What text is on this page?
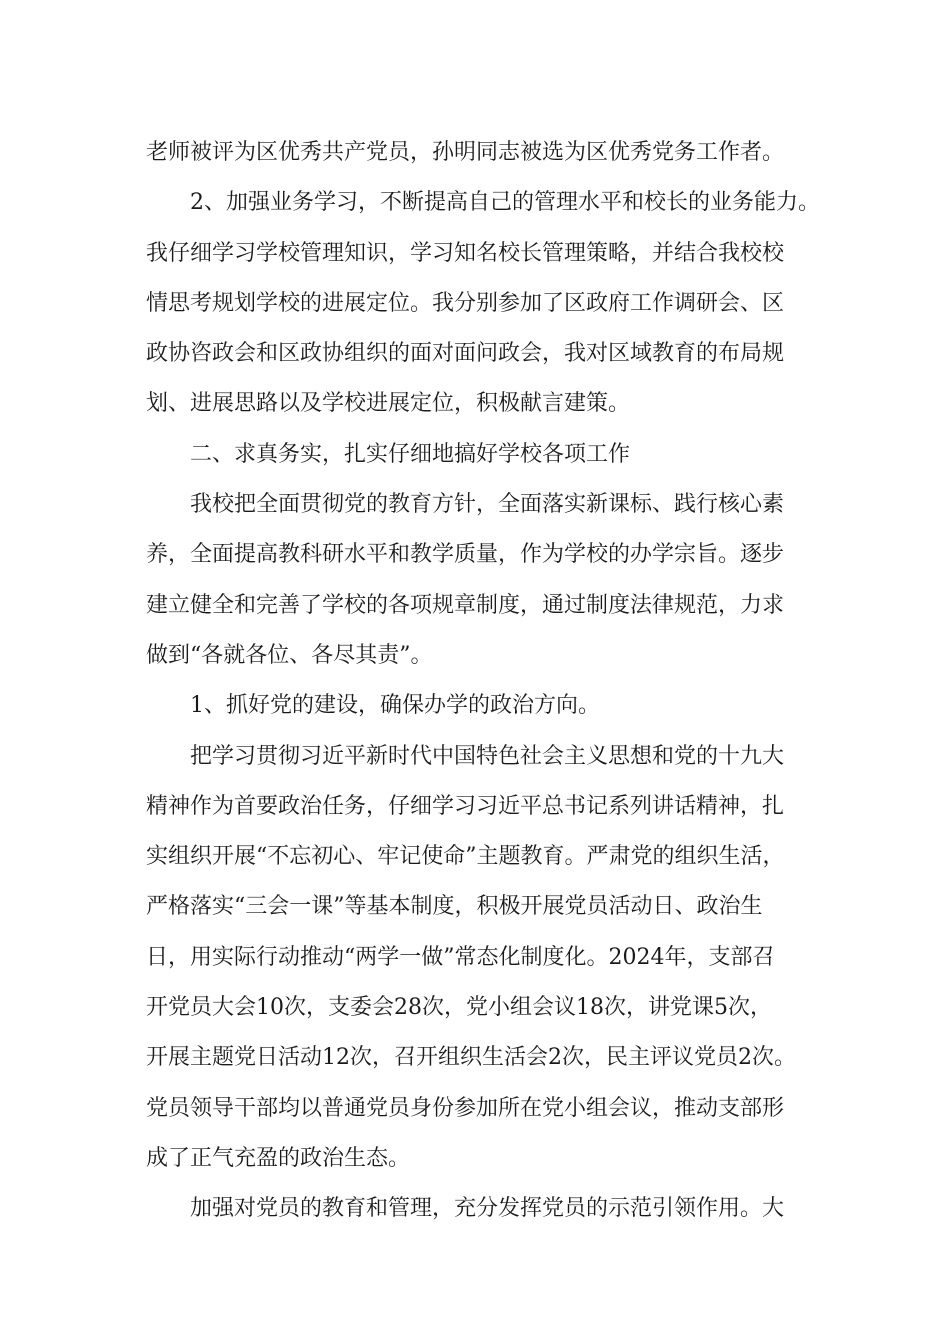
老师被评为区优秀共产党员，孙明同志被选为区优秀党务工作者。
2、加强业务学习，不断提高自己的管理水平和校长的业务能力。
我仔细学习学校管理知识，学习知名校长管理策略，并结合我校校
情思考规划学校的进展定位。我分别参加了区政府工作调研会、区
政协咨政会和区政协组织的面对面问政会，我对区域教育的布局规
划、进展思路以及学校进展定位，积极献言建策。
二、求真务实，扎实仔细地搞好学校各项工作
我校把全面贯彻党的教育方针，全面落实新课标、践行核心素
养，全面提高教科研水平和教学质量，作为学校的办学宗旨。逐步
建立健全和完善了学校的各项规章制度，通过制度法律规范，力求
做到“各就各位、各尽其责”。
1、抓好党的建设，确保办学的政治方向。
把学习贯彻习近平新时代中国特色社会主义思想和党的十九大
精神作为首要政治任务，仔细学习习近平总书记系列讲话精神，扎
实组织开展“不忘初心、牢记使命”主题教育。严肃党的组织生活，
严格落实“三会一课”等基本制度，积极开展党员活动日、政治生
日，用实际行动推动“两学一做”常态化制度化。2024年，支部召
开党员大会10次，支委会28次，党小组会议18次，讲党课5次，
开展主题党日活动12次，召开组织生活会2次，民主评议党员2次。
党员领导干部均以普通党员身份参加所在党小组会议，推动支部形
成了正气充盈的政治生态。
加强对党员的教育和管理，充分发挥党员的示范引领作用。大
